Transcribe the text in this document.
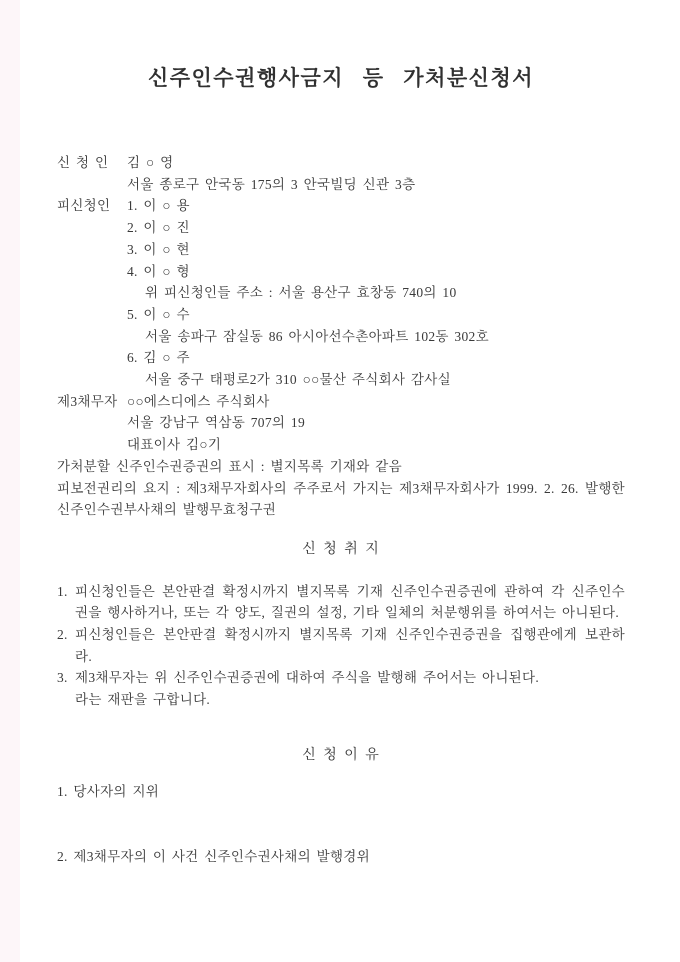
신주인수권행사금지 등 가처분신청서
신 청 인	김 ○ 영
서울 종로구 안국동 175의 3 안국빌딩 신관 3층
피신청인	1. 이 ○ 용
2. 이 ○ 진
3. 이 ○ 현
4. 이 ○ 형
위 피신청인들 주소 : 서울 용산구 효창동 740의 10
5. 이 ○ 수
서울 송파구 잠실동 86 아시아선수촌아파트 102동 302호
6. 김 ○ 주
서울 중구 태평로2가 310 ○○물산 주식회사 감사실
제3채무자 ○○에스디에스 주식회사
서울 강남구 역삼동 707의 19
대표이사 김○기
가처분할 신주인수권증권의 표시 : 별지목록 기재와 같음
피보전권리의 요지 : 제3채무자회사의 주주로서 가지는 제3채무자회사가 1999. 2. 26. 발행한 신주인수권부사채의 발행무효청구권
신 청 취 지
1. 피신청인들은 본안판결 확정시까지 별지목록 기재 신주인수권증권에 관하여 각 신주인수권을 행사하거나, 또는 각 양도, 질권의 설정, 기타 일체의 처분행위를 하여서는 아니된다.
2. 피신청인들은 본안판결 확정시까지 별지목록 기재 신주인수권증권을 집행관에게 보관하라.
3. 제3채무자는 위 신주인수권증권에 대하여 주식을 발행해 주어서는 아니된다.
라는 재판을 구합니다.
신 청 이 유
1. 당사자의 지위
2. 제3채무자의 이 사건 신주인수권사채의 발행경위
